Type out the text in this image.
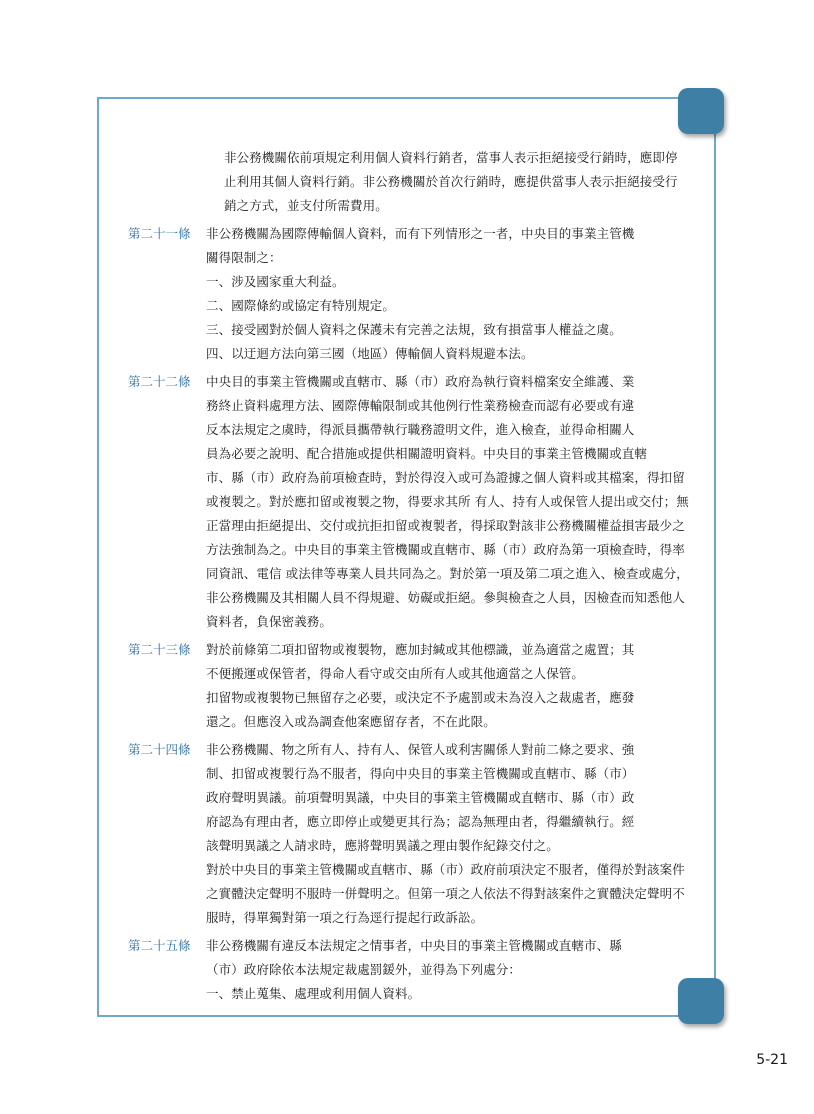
非公務機關依前項規定利用個人資料行銷者，當事人表示拒絕接受行銷時，應即停
止利用其個人資料行銷。非公務機關於首次行銷時，應提供當事人表示拒絕接受行
銷之方式，並支付所需費用。
第二十一條	非公務機關為國際傳輸個人資料，而有下列情形之一者，中央目的事業主管機
關得限制之：
一、涉及國家重大利益。
二、國際條約或協定有特別規定。
三、接受國對於個人資料之保護未有完善之法規，致有損當事人權益之虞。
四、以迂迴方法向第三國（地區）傳輸個人資料規避本法。
第二十二條	中央目的事業主管機關或直轄市、縣（市）政府為執行資料檔案安全維護、業
務終止資料處理方法、國際傳輸限制或其他例行性業務檢查而認有必要或有違
反本法規定之虞時，得派員攜帶執行職務證明文件，進入檢查，並得命相關人
員為必要之說明、配合措施或提供相關證明資料。中央目的事業主管機關或直轄
市、縣（市）政府為前項檢查時，對於得沒入或可為證據之個人資料或其檔案，得扣留
或複製之。對於應扣留或複製之物，得要求其所 有人、持有人或保管人提出或交付；無
正當理由拒絕提出、交付或抗拒扣留或複製者，得採取對該非公務機關權益損害最少之
方法強制為之。中央目的事業主管機關或直轄市、縣（市）政府為第一項檢查時，得率
同資訊、電信 或法律等專業人員共同為之。對於第一項及第二項之進入、檢查或處分，
非公務機關及其相關人員不得規避、妨礙或拒絕。參與檢查之人員，因檢查而知悉他人
資料者，負保密義務。
第二十三條	對於前條第二項扣留物或複製物，應加封緘或其他標識，並為適當之處置；其
不便搬運或保管者，得命人看守或交由所有人或其他適當之人保管。
扣留物或複製物已無留存之必要，或決定不予處罰或未為沒入之裁處者，應發
還之。但應沒入或為調查他案應留存者，不在此限。
第二十四條	非公務機關、物之所有人、持有人、保管人或利害關係人對前二條之要求、強
制、扣留或複製行為不服者，得向中央目的事業主管機關或直轄市、縣（市）
政府聲明異議。前項聲明異議，中央目的事業主管機關或直轄市、縣（市）政
府認為有理由者，應立即停止或變更其行為；認為無理由者，得繼續執行。經
該聲明異議之人請求時，應將聲明異議之理由製作紀錄交付之。
對於中央目的事業主管機關或直轄市、縣（市）政府前項決定不服者，僅得於對該案件
之實體決定聲明不服時一併聲明之。但第一項之人依法不得對該案件之實體決定聲明不
服時，得單獨對第一項之行為逕行提起行政訴訟。
第二十五條	非公務機關有違反本法規定之情事者，中央目的事業主管機關或直轄市、縣
（市）政府除依本法規定裁處罰鍰外，並得為下列處分：
一、禁止蒐集、處理或利用個人資料。
5-21
